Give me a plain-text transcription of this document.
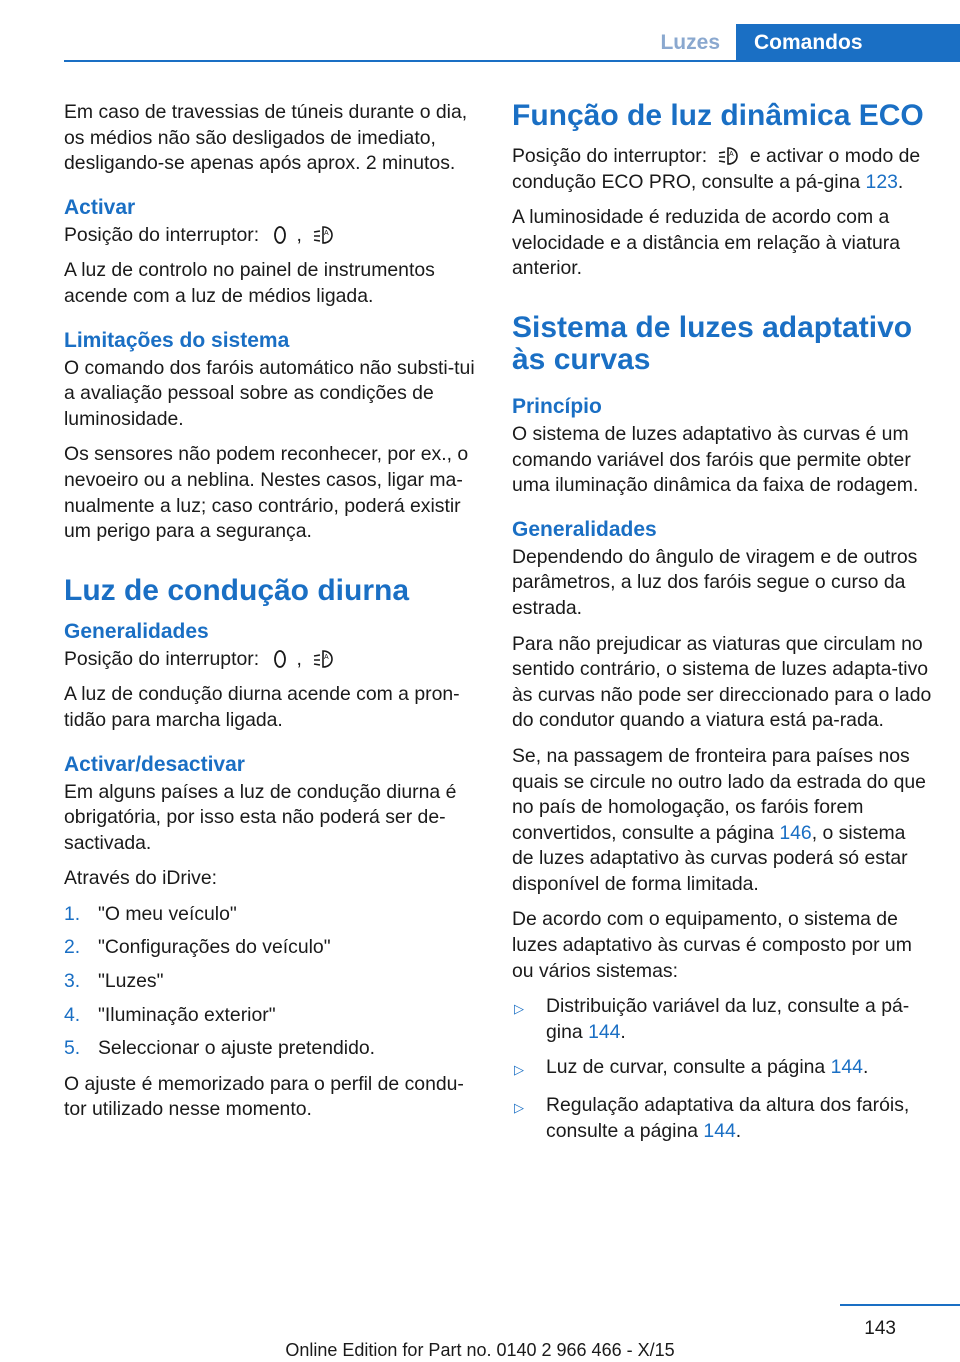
Luzes	Comandos

Em caso de travessias de túneis durante o dia, os médios não são desligados de imediato, desligando-se apenas após aprox. 2 minutos.

Activar

Posição do interruptor: ,	A

A luz de controlo no painel de instrumentos acende com a luz de médios ligada.

Limitações do sistema

O comando dos faróis automático não substi‐tui a avaliação pessoal sobre as condições de luminosidade.

Os sensores não podem reconhecer, por ex., o nevoeiro ou a neblina. Nestes casos, ligar ma‐nualmente a luz; caso contrário, poderá existir um perigo para a segurança.

Luz de condução diurna
Generalidades

Posição do interruptor: ,	A

A luz de condução diurna acende com a pron‐tidão para marcha ligada.

Activar/desactivar

Em alguns países a luz de condução diurna é obrigatória, por isso esta não poderá ser de‐sactivada.

Através do iDrive:

1. "O meu veículo"
2. "Configurações do veículo"
3. "Luzes"
4. "Iluminação exterior"
5. Seleccionar o ajuste pretendido.

O ajuste é memorizado para o perfil de condu‐tor utilizado nesse momento.

Função de luz dinâmica ECO

Posição do interruptor:	A e activar o modo de condução ECO PRO, consulte a pá‐gina 123.

A luminosidade é reduzida de acordo com a velocidade e a distância em relação à viatura anterior.

Sistema de luzes adaptativo às curvas
Princípio

O sistema de luzes adaptativo às curvas é um comando variável dos faróis que permite obter uma iluminação dinâmica da faixa de rodagem.

Generalidades

Dependendo do ângulo de viragem e de outros parâmetros, a luz dos faróis segue o curso da estrada.

Para não prejudicar as viaturas que circulam no sentido contrário, o sistema de luzes adapta‐tivo às curvas não pode ser direccionado para o lado do condutor quando a viatura está pa‐rada.

Se, na passagem de fronteira para países nos quais se circule no outro lado da estrada do que no país de homologação, os faróis forem convertidos, consulte a página 146, o sistema de luzes adaptativo às curvas poderá só estar disponível de forma limitada.

De acordo com o equipamento, o sistema de luzes adaptativo às curvas é composto por um ou vários sistemas:

▷	Distribuição variável da luz, consulte a pá‐gina 144.
▷	Luz de curvar, consulte a página 144.
▷	Regulação adaptativa da altura dos faróis, consulte a página 144.
143
Online Edition for Part no. 0140 2 966 466 - X/15
